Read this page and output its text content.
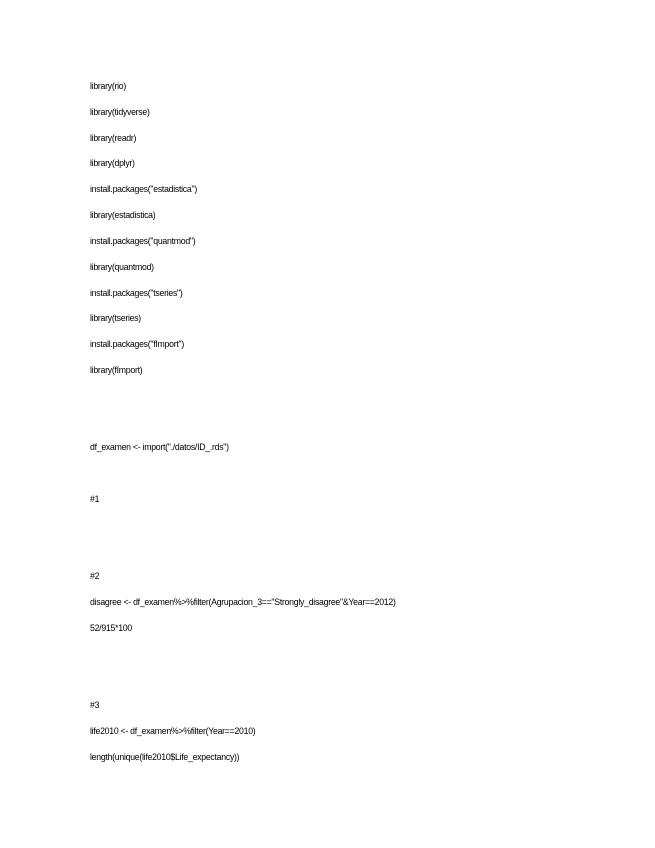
library(rio)
library(tidyverse)
library(readr)
library(dplyr)
install.packages("estadistica")
library(estadistica)
install.packages("quantmod")
library(quantmod)
install.packages("tseries")
library(tseries)
install.packages("fImport")
library(fImport)
df_examen <- import("./datos/ID_.rds")
#1
#2
disagree <- df_examen%>%filter(Agrupacion_3=="Strongly_disagree"&Year==2012)
52/915*100
#3
life2010 <- df_examen%>%filter(Year==2010)
length(unique(life2010$Life_expectancy))
